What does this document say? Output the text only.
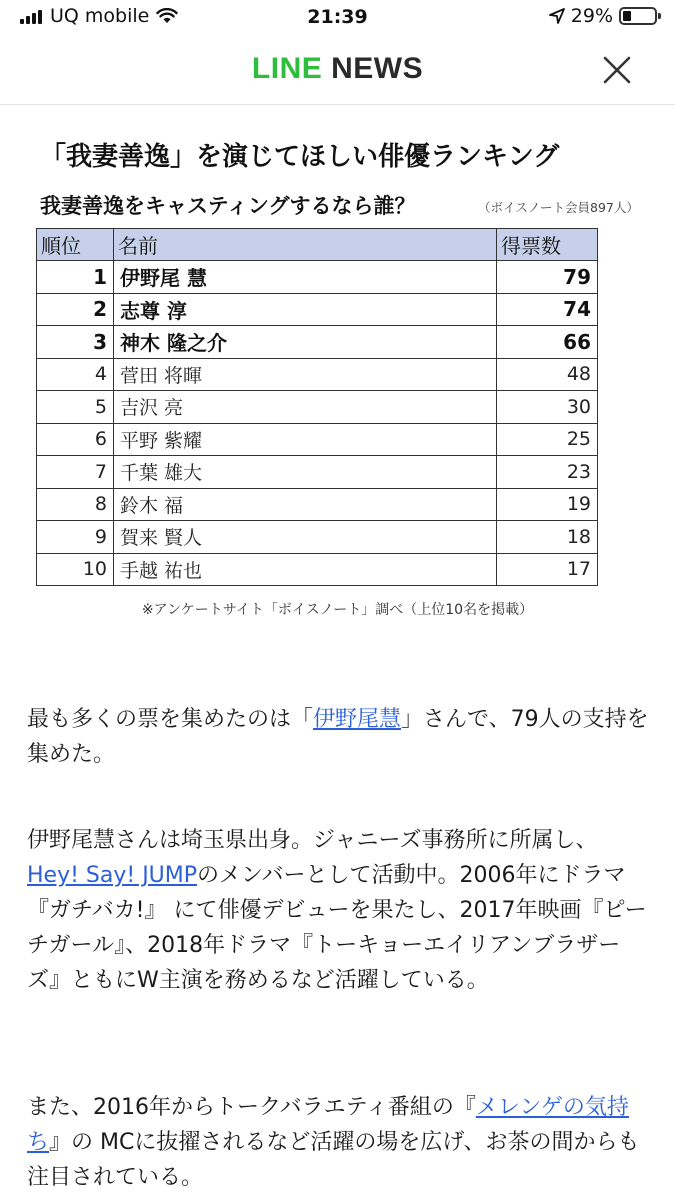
UQ mobile	21:39	29%
LINE NEWS
「我妻善逸」を演じてほしい俳優ランキング
我妻善逸をキャスティングするなら誰？	（ボイスノート会員897人）
順位	名前	得票数
1	伊野尾 慧	79
2	志尊 淳	74
3	神木 隆之介	66
4	菅田 将暉	48
5	吉沢 亮	30
6	平野 紫耀	25
7	千葉 雄大	23
8	鈴木 福	19
9	賀来 賢人	18
10	手越 祐也	17
※アンケートサイト「ボイスノート」調べ（上位10名を掲載）

最も多くの票を集めたのは「伊野尾慧」さんで、79人の支持を集めた。

伊野尾慧さんは埼玉県出身。ジャニーズ事務所に所属し、Hey! Say! JUMPのメンバーとして活動中。2006年にドラマ『ガチバカ!』 にて俳優デビューを果たし、2017年映画『ピーチガール』、2018年ドラマ『トーキョーエイリアンブラザーズ』ともにW主演を務めるなど活躍している。

また、2016年からトークバラエティ番組の『メレンゲの気持ち』の MCに抜擢されるなど活躍の場を広げ、お茶の間からも注目されている。
